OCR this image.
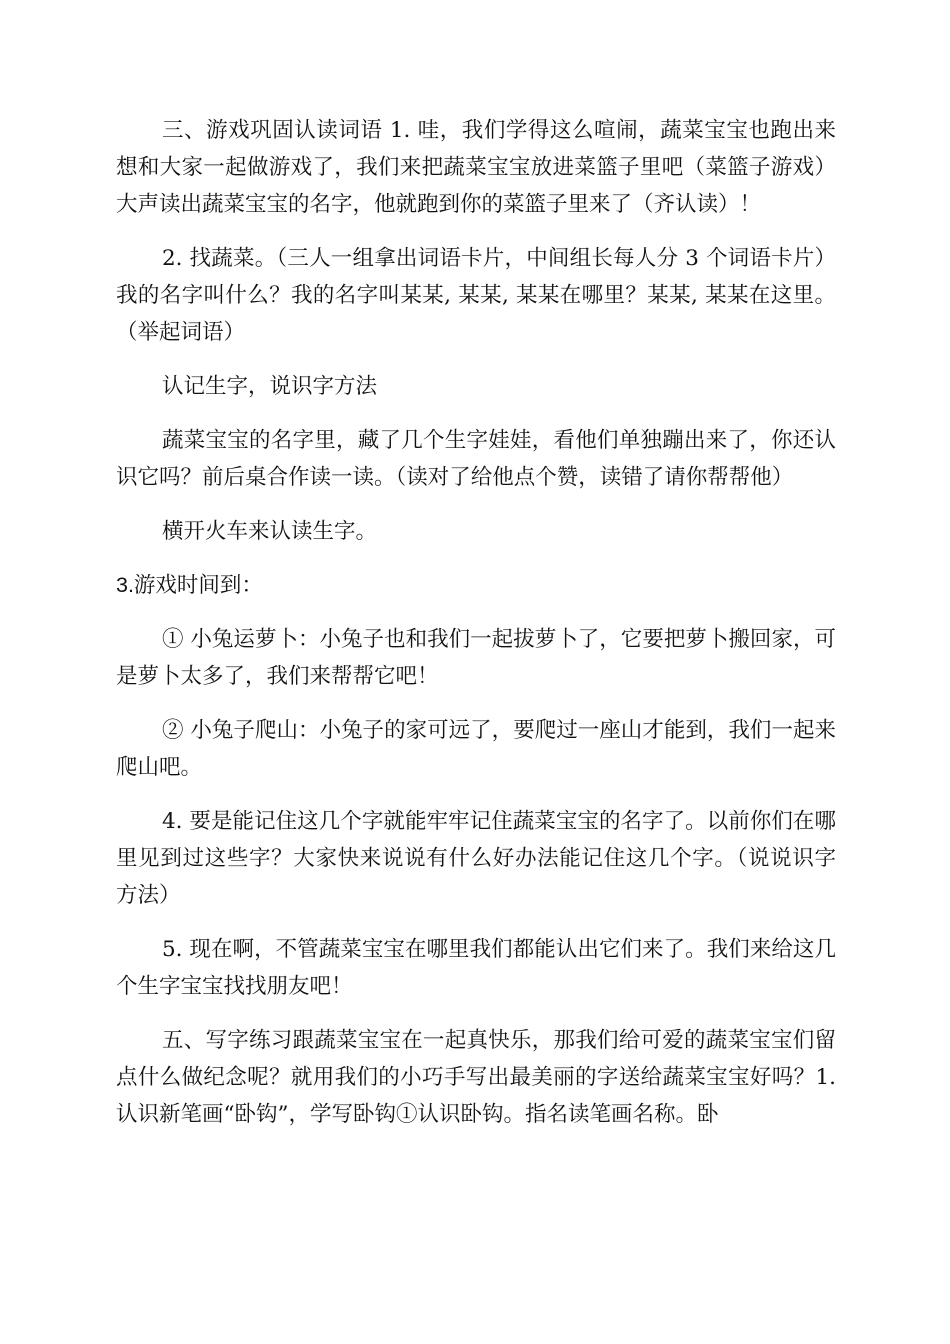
三、游戏巩固认读词语 1. 哇，我们学得这么喧闹，蔬菜宝宝也跑出来想和大家一起做游戏了，我们来把蔬菜宝宝放进菜篮子里吧（菜篮子游戏）大声读出蔬菜宝宝的名字，他就跑到你的菜篮子里来了（齐认读）！

2. 找蔬菜。（三人一组拿出词语卡片，中间组长每人分 3 个词语卡片）我的名字叫什么？我的名字叫某某, 某某, 某某在哪里？某某, 某某在这里。（举起词语）

认记生字，说识字方法

蔬菜宝宝的名字里，藏了几个生字娃娃，看他们单独蹦出来了，你还认识它吗？前后桌合作读一读。（读对了给他点个赞，读错了请你帮帮他）

横开火车来认读生字。

3.游戏时间到：

① 小兔运萝卜：小兔子也和我们一起拔萝卜了，它要把萝卜搬回家，可是萝卜太多了，我们来帮帮它吧！

② 小兔子爬山：小兔子的家可远了，要爬过一座山才能到，我们一起来爬山吧。

4. 要是能记住这几个字就能牢牢记住蔬菜宝宝的名字了。以前你们在哪里见到过这些字？大家快来说说有什么好办法能记住这几个字。（说说识字方法）

5. 现在啊，不管蔬菜宝宝在哪里我们都能认出它们来了。我们来给这几个生字宝宝找找朋友吧！

五、写字练习跟蔬菜宝宝在一起真快乐，那我们给可爱的蔬菜宝宝们留点什么做纪念呢？就用我们的小巧手写出最美丽的字送给蔬菜宝宝好吗？1. 认识新笔画“卧钩”，学写卧钩①认识卧钩。指名读笔画名称。卧
